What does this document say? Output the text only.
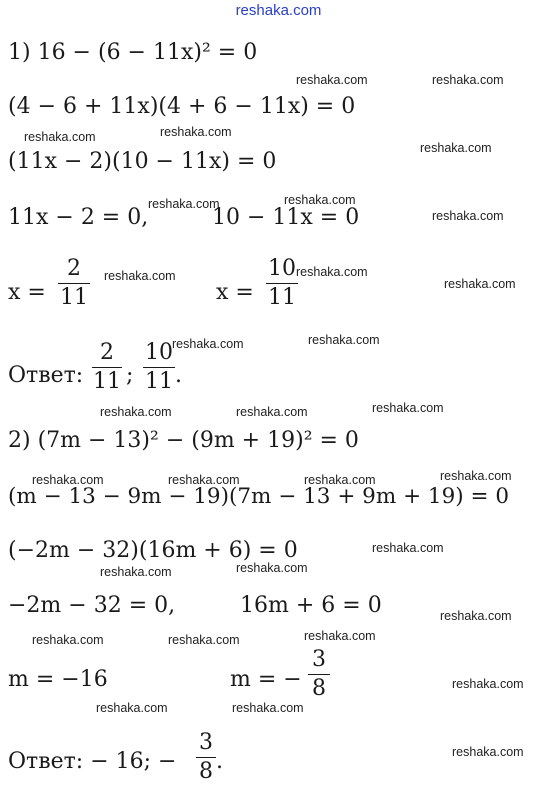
reshaka.com
1) 16 − (6 − 11x)² = 0
(4 − 6 + 11x)(4 + 6 − 11x) = 0
(11x − 2)(10 − 11x) = 0
11x − 2 = 0,	10 − 11x = 0
x =
2
11	x =
10
11
Ответ:
2
11 ;
10
11 .
2) (7m − 13)² − (9m + 19)² = 0
(m − 13 − 9m − 19)(7m − 13 + 9m + 19) = 0
(−2m − 32)(16m + 6) = 0
−2m − 32 = 0,	16m + 6 = 0
m = −16	m = −
3
8
Ответ: − 16; −
3
8 .
reshaka.com	reshaka.com
reshaka.com	reshaka.com
reshaka.com
reshaka.com	reshaka.com
reshaka.com
reshaka.com	reshaka.com
reshaka.com
reshaka.com	reshaka.com
reshaka.com	reshaka.com	reshaka.com
reshaka.com	reshaka.com	reshaka.com	reshaka.com
reshaka.com
reshaka.com	reshaka.com
reshaka.com
reshaka.com	reshaka.com	reshaka.com
reshaka.com
reshaka.com	reshaka.com
reshaka.com
